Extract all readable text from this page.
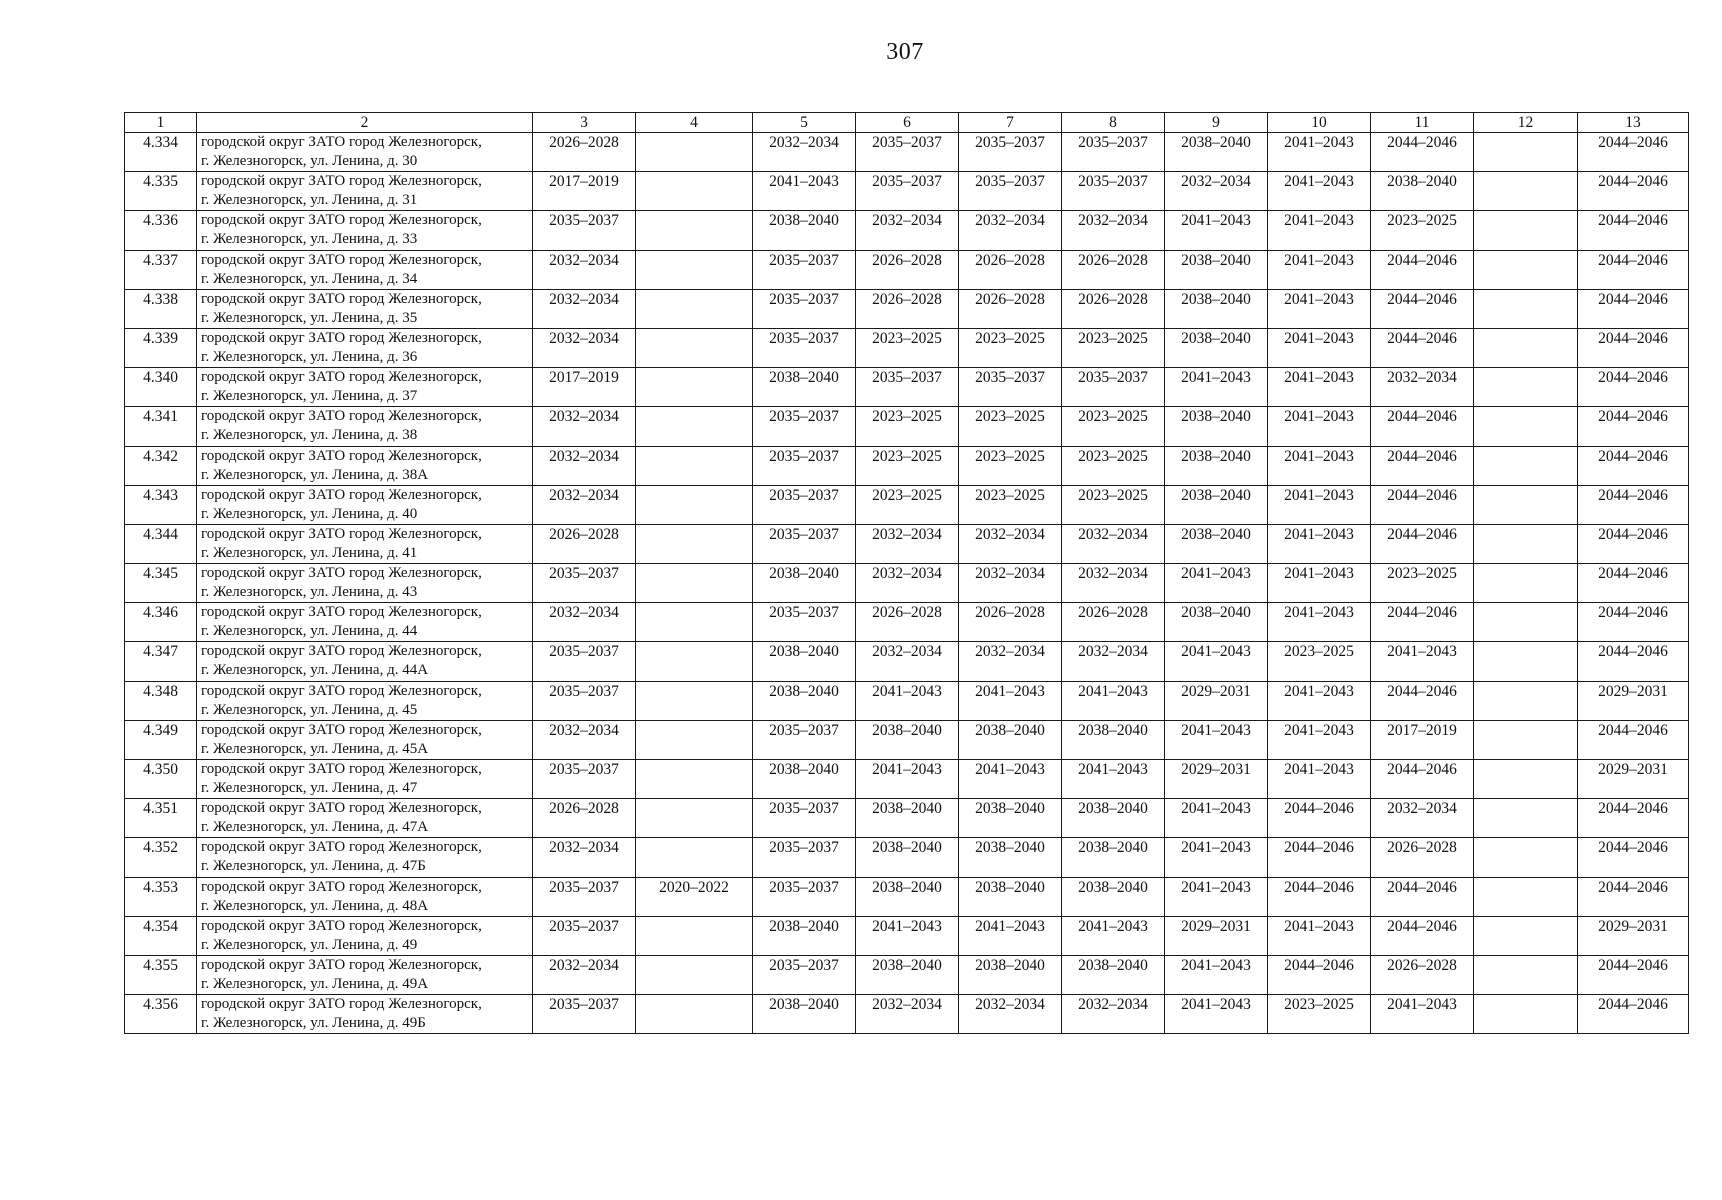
307
1	2	3	4	5	6	7	8	9	10	11	12	13
4.334	городской округ ЗАТО город Железногорск,
г. Железногорск, ул. Ленина, д. 30	2026–2028		2032–2034	2035–2037	2035–2037	2035–2037	2038–2040	2041–2043	2044–2046		2044–2046
4.335	городской округ ЗАТО город Железногорск,
г. Железногорск, ул. Ленина, д. 31	2017–2019		2041–2043	2035–2037	2035–2037	2035–2037	2032–2034	2041–2043	2038–2040		2044–2046
4.336	городской округ ЗАТО город Железногорск,
г. Железногорск, ул. Ленина, д. 33	2035–2037		2038–2040	2032–2034	2032–2034	2032–2034	2041–2043	2041–2043	2023–2025		2044–2046
4.337	городской округ ЗАТО город Железногорск,
г. Железногорск, ул. Ленина, д. 34	2032–2034		2035–2037	2026–2028	2026–2028	2026–2028	2038–2040	2041–2043	2044–2046		2044–2046
4.338	городской округ ЗАТО город Железногорск,
г. Железногорск, ул. Ленина, д. 35	2032–2034		2035–2037	2026–2028	2026–2028	2026–2028	2038–2040	2041–2043	2044–2046		2044–2046
4.339	городской округ ЗАТО город Железногорск,
г. Железногорск, ул. Ленина, д. 36	2032–2034		2035–2037	2023–2025	2023–2025	2023–2025	2038–2040	2041–2043	2044–2046		2044–2046
4.340	городской округ ЗАТО город Железногорск,
г. Железногорск, ул. Ленина, д. 37	2017–2019		2038–2040	2035–2037	2035–2037	2035–2037	2041–2043	2041–2043	2032–2034		2044–2046
4.341	городской округ ЗАТО город Железногорск,
г. Железногорск, ул. Ленина, д. 38	2032–2034		2035–2037	2023–2025	2023–2025	2023–2025	2038–2040	2041–2043	2044–2046		2044–2046
4.342	городской округ ЗАТО город Железногорск,
г. Железногорск, ул. Ленина, д. 38А	2032–2034		2035–2037	2023–2025	2023–2025	2023–2025	2038–2040	2041–2043	2044–2046		2044–2046
4.343	городской округ ЗАТО город Железногорск,
г. Железногорск, ул. Ленина, д. 40	2032–2034		2035–2037	2023–2025	2023–2025	2023–2025	2038–2040	2041–2043	2044–2046		2044–2046
4.344	городской округ ЗАТО город Железногорск,
г. Железногорск, ул. Ленина, д. 41	2026–2028		2035–2037	2032–2034	2032–2034	2032–2034	2038–2040	2041–2043	2044–2046		2044–2046
4.345	городской округ ЗАТО город Железногорск,
г. Железногорск, ул. Ленина, д. 43	2035–2037		2038–2040	2032–2034	2032–2034	2032–2034	2041–2043	2041–2043	2023–2025		2044–2046
4.346	городской округ ЗАТО город Железногорск,
г. Железногорск, ул. Ленина, д. 44	2032–2034		2035–2037	2026–2028	2026–2028	2026–2028	2038–2040	2041–2043	2044–2046		2044–2046
4.347	городской округ ЗАТО город Железногорск,
г. Железногорск, ул. Ленина, д. 44А	2035–2037		2038–2040	2032–2034	2032–2034	2032–2034	2041–2043	2023–2025	2041–2043		2044–2046
4.348	городской округ ЗАТО город Железногорск,
г. Железногорск, ул. Ленина, д. 45	2035–2037		2038–2040	2041–2043	2041–2043	2041–2043	2029–2031	2041–2043	2044–2046		2029–2031
4.349	городской округ ЗАТО город Железногорск,
г. Железногорск, ул. Ленина, д. 45А	2032–2034		2035–2037	2038–2040	2038–2040	2038–2040	2041–2043	2041–2043	2017–2019		2044–2046
4.350	городской округ ЗАТО город Железногорск,
г. Железногорск, ул. Ленина, д. 47	2035–2037		2038–2040	2041–2043	2041–2043	2041–2043	2029–2031	2041–2043	2044–2046		2029–2031
4.351	городской округ ЗАТО город Железногорск,
г. Железногорск, ул. Ленина, д. 47А	2026–2028		2035–2037	2038–2040	2038–2040	2038–2040	2041–2043	2044–2046	2032–2034		2044–2046
4.352	городской округ ЗАТО город Железногорск,
г. Железногорск, ул. Ленина, д. 47Б	2032–2034		2035–2037	2038–2040	2038–2040	2038–2040	2041–2043	2044–2046	2026–2028		2044–2046
4.353	городской округ ЗАТО город Железногорск,
г. Железногорск, ул. Ленина, д. 48А	2035–2037	2020–2022	2035–2037	2038–2040	2038–2040	2038–2040	2041–2043	2044–2046	2044–2046		2044–2046
4.354	городской округ ЗАТО город Железногорск,
г. Железногорск, ул. Ленина, д. 49	2035–2037		2038–2040	2041–2043	2041–2043	2041–2043	2029–2031	2041–2043	2044–2046		2029–2031
4.355	городской округ ЗАТО город Железногорск,
г. Железногорск, ул. Ленина, д. 49А	2032–2034		2035–2037	2038–2040	2038–2040	2038–2040	2041–2043	2044–2046	2026–2028		2044–2046
4.356	городской округ ЗАТО город Железногорск,
г. Железногорск, ул. Ленина, д. 49Б	2035–2037		2038–2040	2032–2034	2032–2034	2032–2034	2041–2043	2023–2025	2041–2043		2044–2046
